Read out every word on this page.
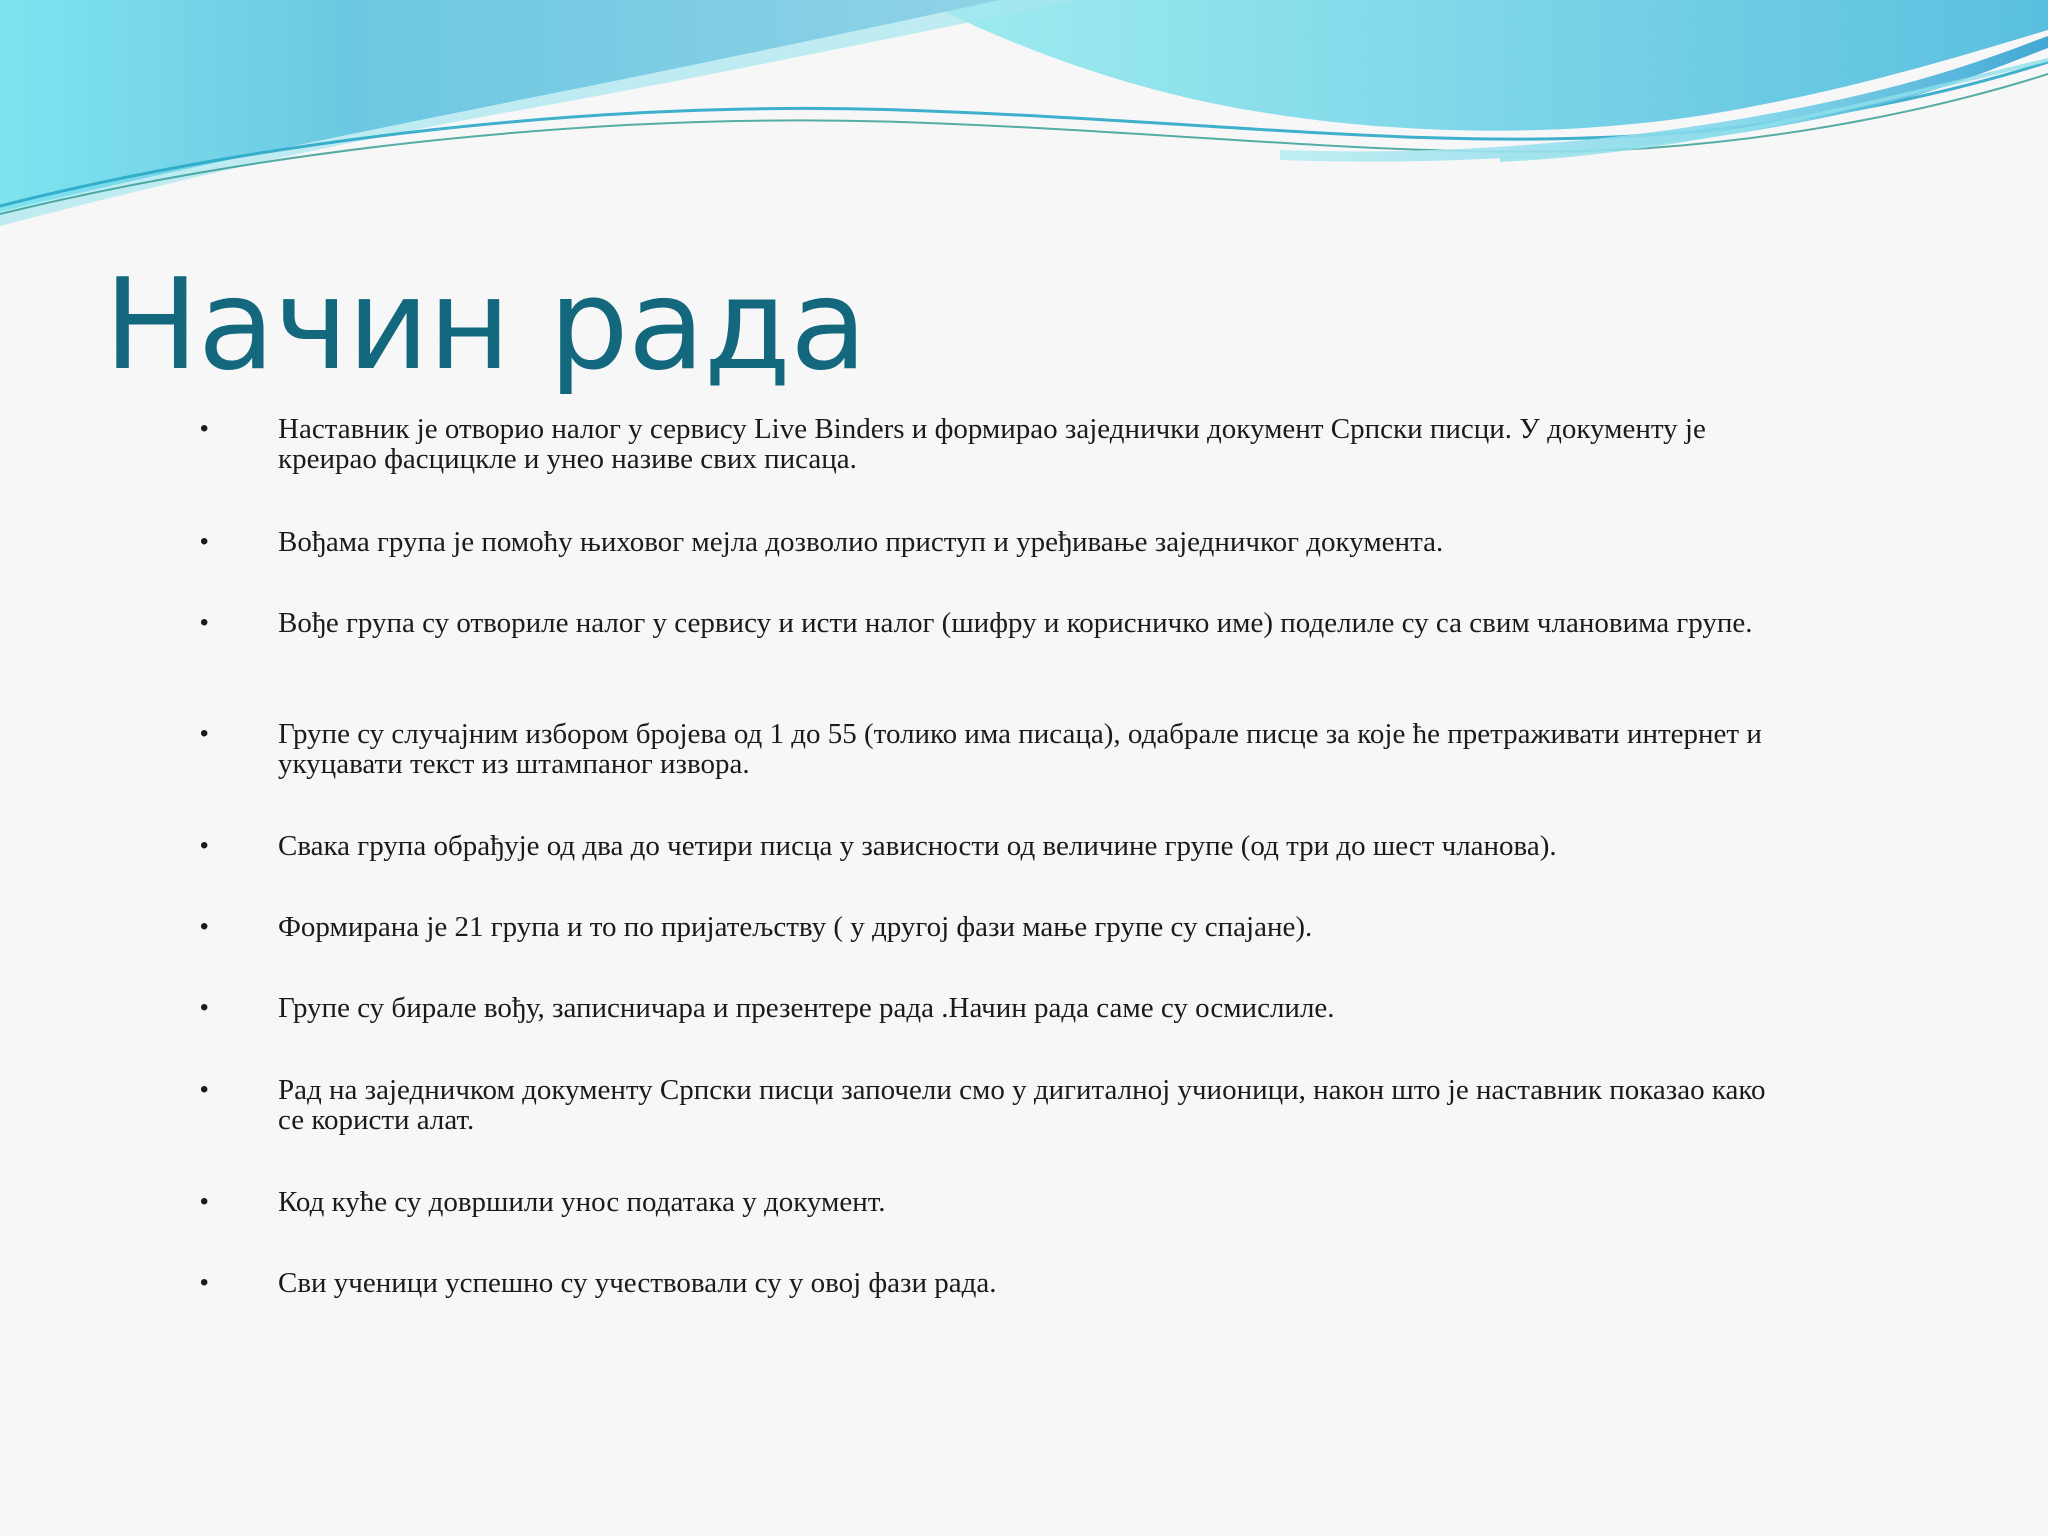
Начин рада
• Наставник је отворио налог у сервису Live Binders и формирао заједнички документ Српски писци. У документу је креирао фасцицкле и унео називе свих писаца.
• Вођама група је помоћу њиховог мејла дозволио приступ и уређивање заједничког документа.
• Вође група су отвориле налог у сервису и исти налог (шифру и корисничко име) поделиле су са свим члановима групе.
• Групе су случајним избором бројева од 1 до 55 (толико има писаца), одабрале писце за које ће претраживати интернет и укуцавати текст из штампаног извора.
• Свака група обрађује од два до четири писца у зависности од величине групе (од три до шест чланова).
• Формирана је 21 група и то по пријатељству ( у другој фази мање групе су спајане).
• Групе су бирале вођу, записничара и презентере рада .Начин рада саме су осмислиле.
• Рад на заједничком документу Српски писци започели смо у дигиталној учионици, након што је наставник показао како се користи алат.
• Код куће су довршили унос података у документ.
• Сви ученици успешно су учествовали су у овој фази рада.
